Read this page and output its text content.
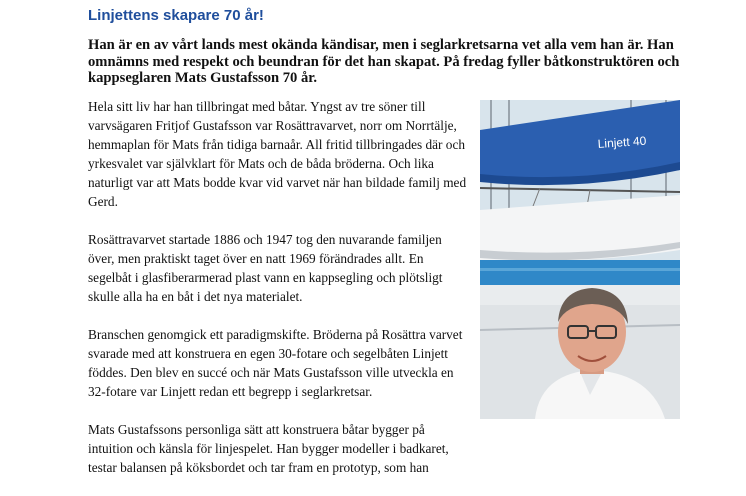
Linjettens skapare 70 år!

Han är en av vårt lands mest okända kändisar, men i seglarkretsarna vet alla vem han är. Han omnämns med respekt och beundran för det han skapat. På fredag fyller båtkonstruktören och kappseglaren Mats Gustafsson 70 år.

Hela sitt liv har han tillbringat med båtar. Yngst av tre söner till varvsägaren Fritjof Gustafsson var Rosättravarvet, norr om Norrtälje, hemmaplan för Mats från tidiga barnaår. All fritid tillbringades där och yrkesvalet var självklart för Mats och de båda bröderna. Och lika naturligt var att Mats bodde kvar vid varvet när han bildade familj med Gerd.

Rosättravarvet startade 1886 och 1947 tog den nuvarande familjen över, men praktiskt taget över en natt 1969 förändrades allt. En segelbåt i glasfiberarmerad plast vann en kappsegling och plötsligt skulle alla ha en båt i det nya materialet.

Branschen genomgick ett paradigmskifte. Bröderna på Rosättra varvet svarade med att konstruera en egen 30-fotare och segelbåten Linjett föddes. Den blev en succé och när Mats Gustafsson ville utveckla en 32-fotare var Linjett redan ett begrepp i seglarkretsar.

Mats Gustafssons personliga sätt att konstruera båtar bygger på intuition och känsla för linjespelet. Han bygger modeller i badkaret, testar balansen på köksbordet och tar fram en prototyp, som han

Linjett 40
